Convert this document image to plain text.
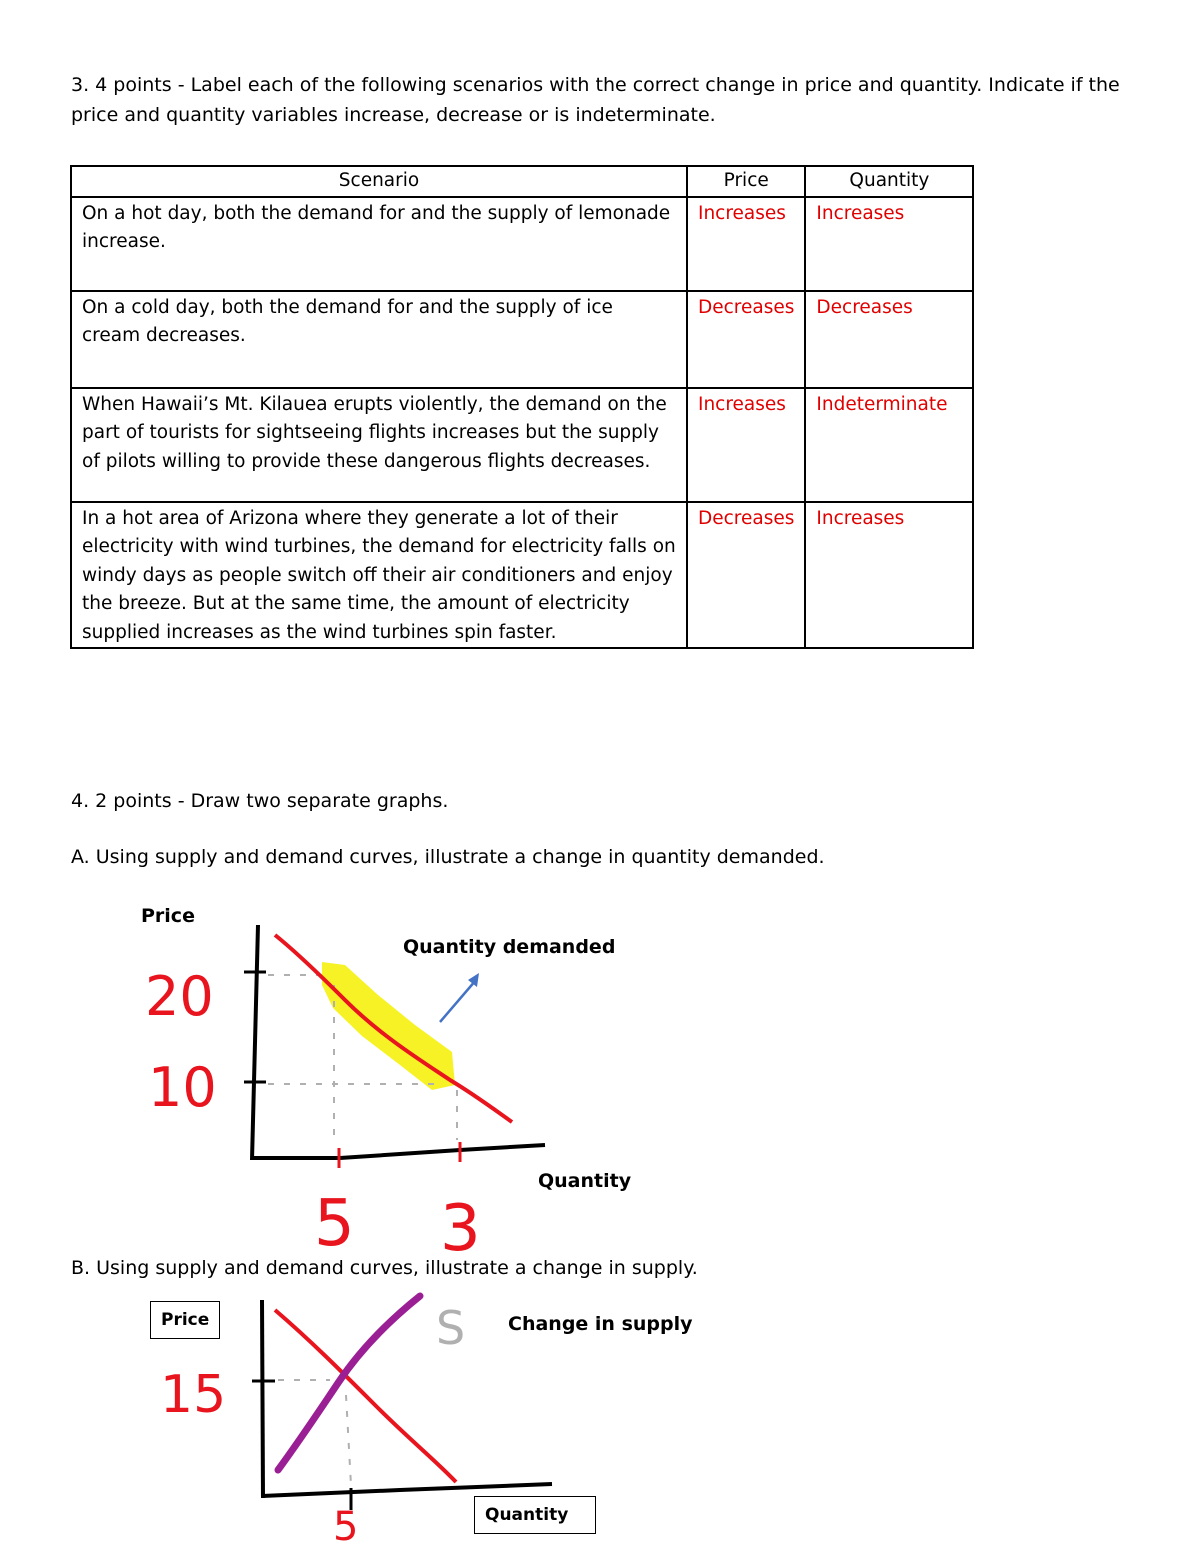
3. 4 points - Label each of the following scenarios with the correct change in price and quantity. Indicate if the
price and quantity variables increase, decrease or is indeterminate.
Scenario	Price	Quantity
On a hot day, both the demand for and the supply of lemonade increase.	Increases	Increases
On a cold day, both the demand for and the supply of ice cream decreases.	Decreases	Decreases
When Hawaii’s Mt. Kilauea erupts violently, the demand on the part of tourists for sightseeing flights increases but the supply of pilots willing to provide these dangerous flights decreases.	Increases	Indeterminate
In a hot area of Arizona where they generate a lot of their electricity with wind turbines, the demand for electricity falls on windy days as people switch off their air conditioners and enjoy the breeze. But at the same time, the amount of electricity supplied increases as the wind turbines spin faster.	Decreases	Increases
4. 2 points - Draw two separate graphs.
A. Using supply and demand curves, illustrate a change in quantity demanded.
Price
Quantity demanded
Quantity
20
10
5 3
B. Using supply and demand curves, illustrate a change in supply.
Price	Change in supply
Quantity
S
15
5
